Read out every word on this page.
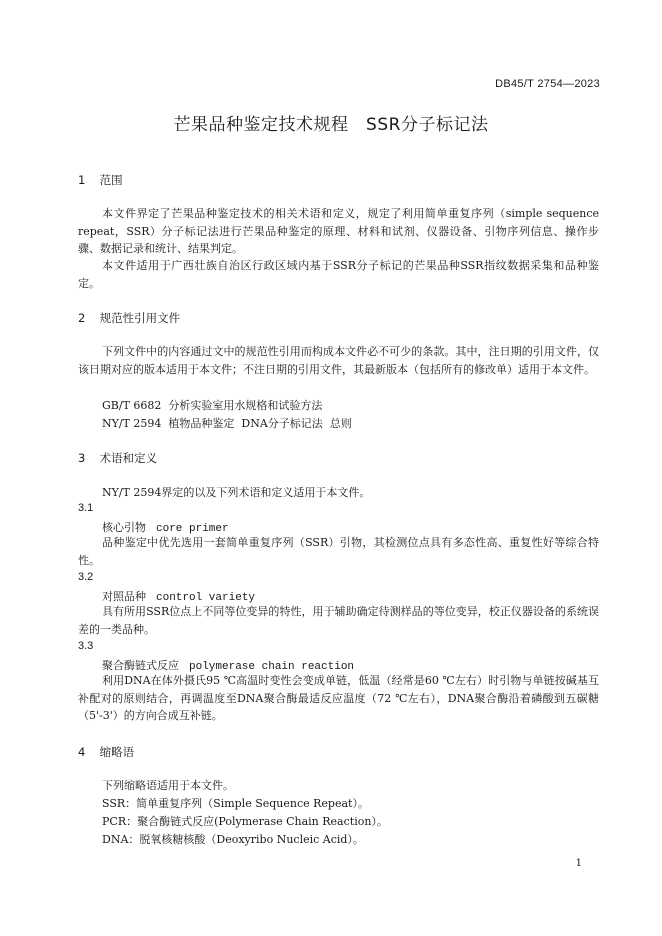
DB45/T 2754—2023
芒果品种鉴定技术规程　SSR分子标记法
1 范围

本文件界定了芒果品种鉴定技术的相关术语和定义，规定了利用简单重复序列（simple sequence repeat，SSR）分子标记法进行芒果品种鉴定的原理、材料和试剂、仪器设备、引物序列信息、操作步骤、数据记录和统计、结果判定。

本文件适用于广西壮族自治区行政区域内基于SSR分子标记的芒果品种SSR指纹数据采集和品种鉴定。

2 规范性引用文件

下列文件中的内容通过文中的规范性引用而构成本文件必不可少的条款。其中，注日期的引用文件，仅该日期对应的版本适用于本文件；不注日期的引用文件，其最新版本（包括所有的修改单）适用于本文件。

GB/T 6682  分析实验室用水规格和试验方法
NY/T 2594  植物品种鉴定  DNA分子标记法  总则
3 术语和定义
NY/T 2594界定的以及下列术语和定义适用于本文件。
3.1
核心引物 core primer

品种鉴定中优先选用一套简单重复序列（SSR）引物，其检测位点具有多态性高、重复性好等综合特性。

3.2
对照品种 control variety

具有所用SSR位点上不同等位变异的特性，用于辅助确定待测样品的等位变异，校正仪器设备的系统误差的一类品种。

3.3
聚合酶链式反应 polymerase chain reaction

利用DNA在体外摄氏95 ℃高温时变性会变成单链，低温（经常是60 ℃左右）时引物与单链按碱基互补配对的原则结合，再调温度至DNA聚合酶最适反应温度（72 ℃左右），DNA聚合酶沿着磷酸到五碳糖（5'-3'）的方向合成互补链。

4 缩略语
下列缩略语适用于本文件。
SSR：简单重复序列（Simple Sequence Repeat）。
PCR：聚合酶链式反应(Polymerase Chain Reaction）。
DNA：脱氧核糖核酸（Deoxyribo Nucleic Acid）。
1
